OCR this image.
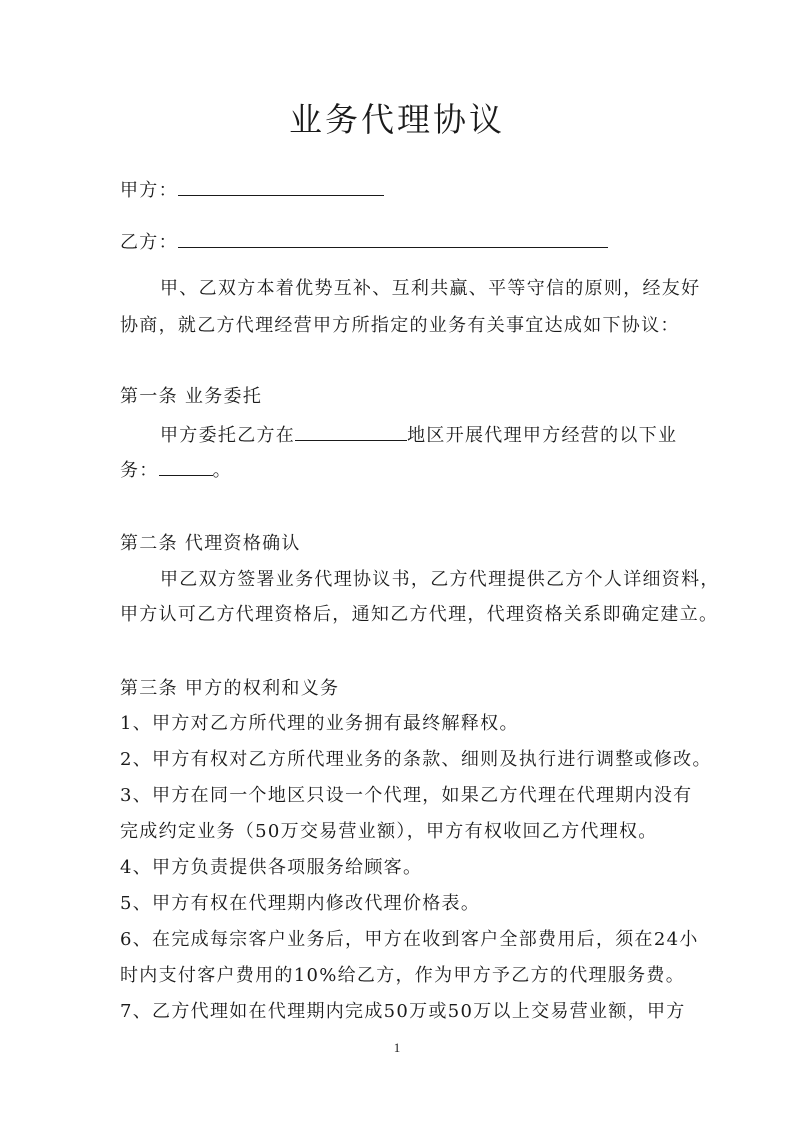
业务代理协议
甲方：
乙方：
甲、乙双方本着优势互补、互利共赢、平等守信的原则，经友好
协商，就乙方代理经营甲方所指定的业务有关事宜达成如下协议：
第一条 业务委托
甲方委托乙方在	地区开展代理甲方经营的以下业
务：	。
第二条 代理资格确认
甲乙双方签署业务代理协议书，乙方代理提供乙方个人详细资料，
甲方认可乙方代理资格后，通知乙方代理，代理资格关系即确定建立。
第三条 甲方的权利和义务
1、甲方对乙方所代理的业务拥有最终解释权。
2、甲方有权对乙方所代理业务的条款、细则及执行进行调整或修改。
3、甲方在同一个地区只设一个代理，如果乙方代理在代理期内没有
完成约定业务（50万交易营业额），甲方有权收回乙方代理权。
4、甲方负责提供各项服务给顾客。
5、甲方有权在代理期内修改代理价格表。
6、在完成每宗客户业务后，甲方在收到客户全部费用后，须在24小
时内支付客户费用的10%给乙方，作为甲方予乙方的代理服务费。
7、乙方代理如在代理期内完成50万或50万以上交易营业额，甲方
1
